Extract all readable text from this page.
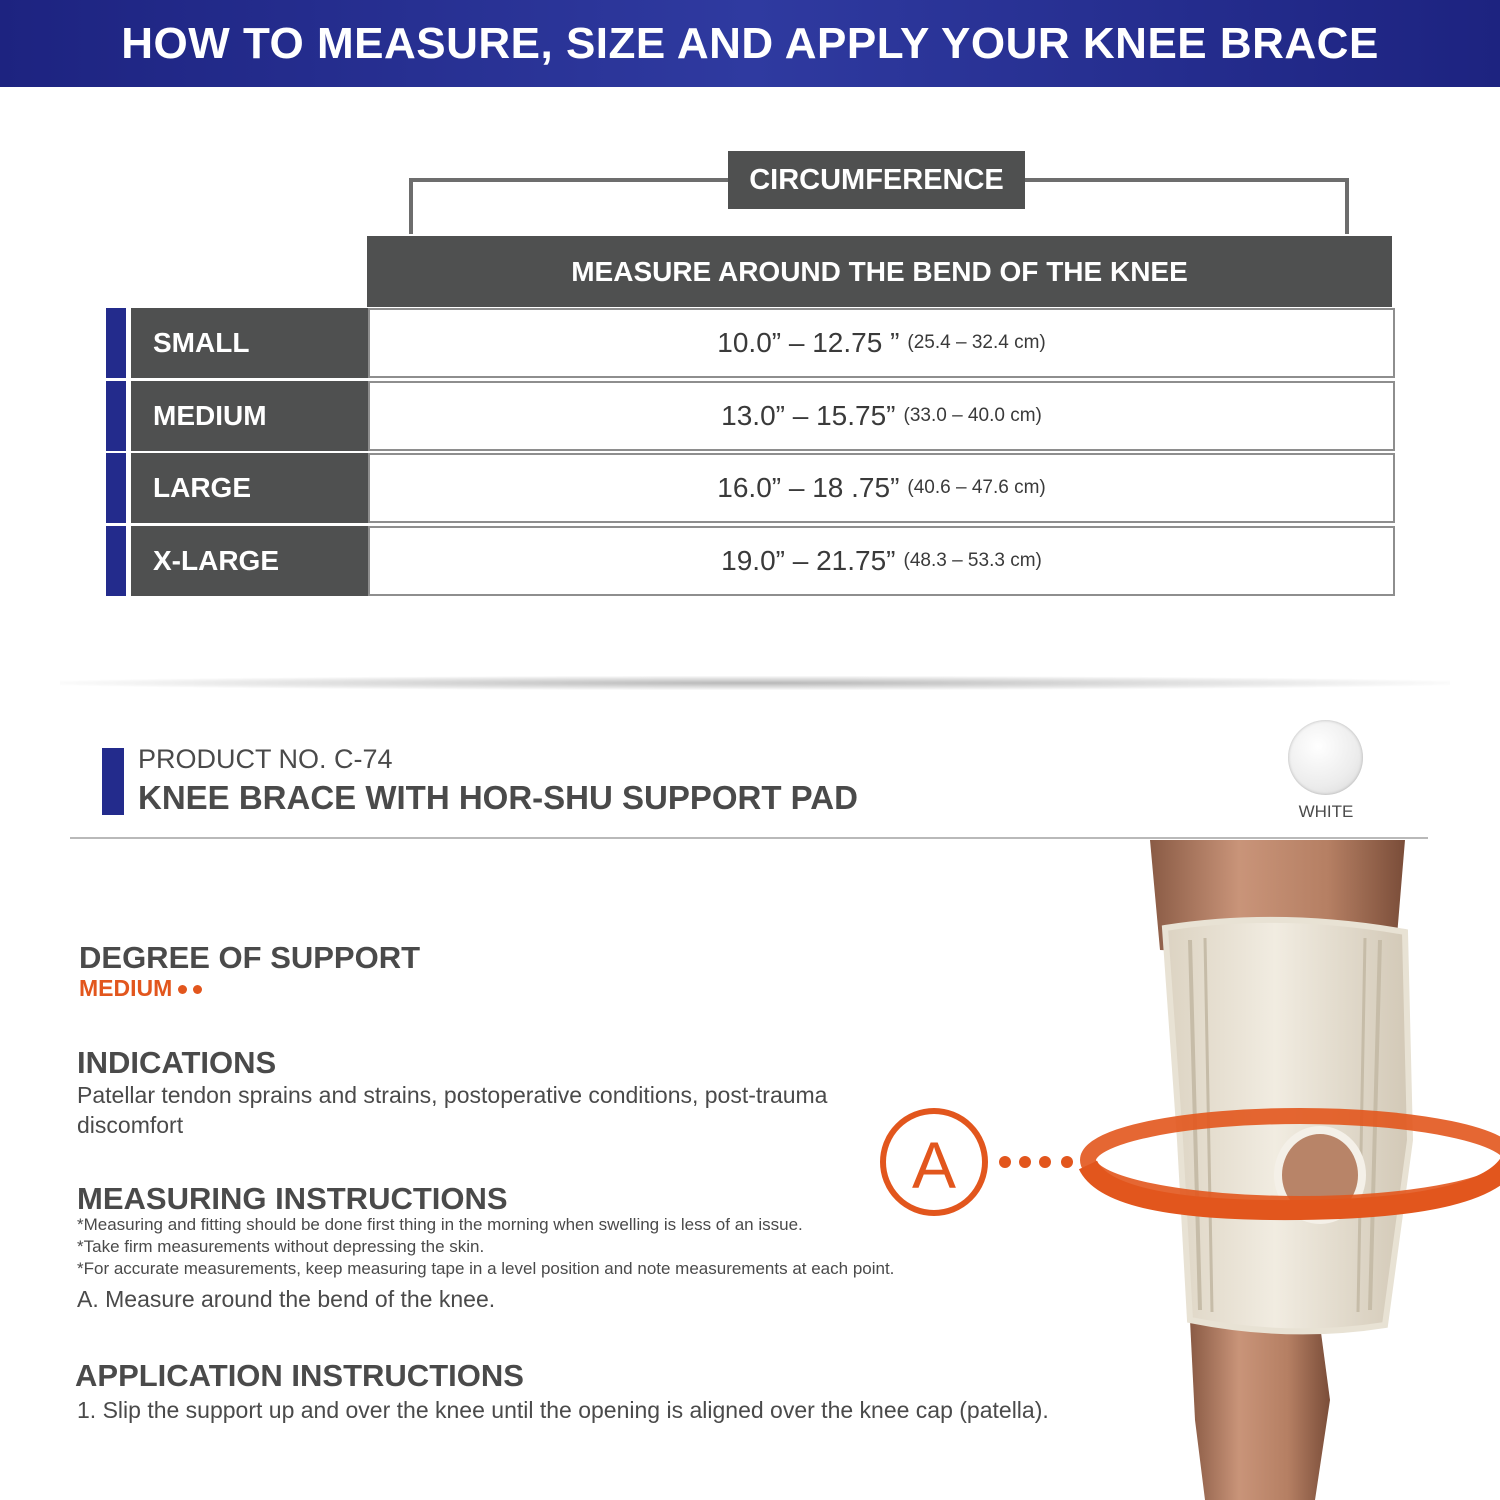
HOW TO MEASURE, SIZE AND APPLY YOUR KNEE BRACE
CIRCUMFERENCE
MEASURE AROUND THE BEND OF THE KNEE
SMALL	10.0” – 12.75 ” (25.4 – 32.4 cm)
MEDIUM	13.0” – 15.75” (33.0 – 40.0 cm)
LARGE	16.0” – 18 .75” (40.6 – 47.6 cm)
X-LARGE	19.0” – 21.75” (48.3 – 53.3 cm)
PRODUCT NO. C-74
KNEE BRACE WITH HOR-SHU SUPPORT PAD	WHITE
DEGREE OF SUPPORT
MEDIUM
INDICATIONS
Patellar tendon sprains and strains, postoperative conditions, post-trauma discomfort
MEASURING INSTRUCTIONS
*Measuring and fitting should be done first thing in the morning when swelling is less of an issue.
*Take firm measurements without depressing the skin.
*For accurate measurements, keep measuring tape in a level position and note measurements at each point.
A. Measure around the bend of the knee.
APPLICATION INSTRUCTIONS
1. Slip the support up and over the knee until the opening is aligned over the knee cap (patella).
A
